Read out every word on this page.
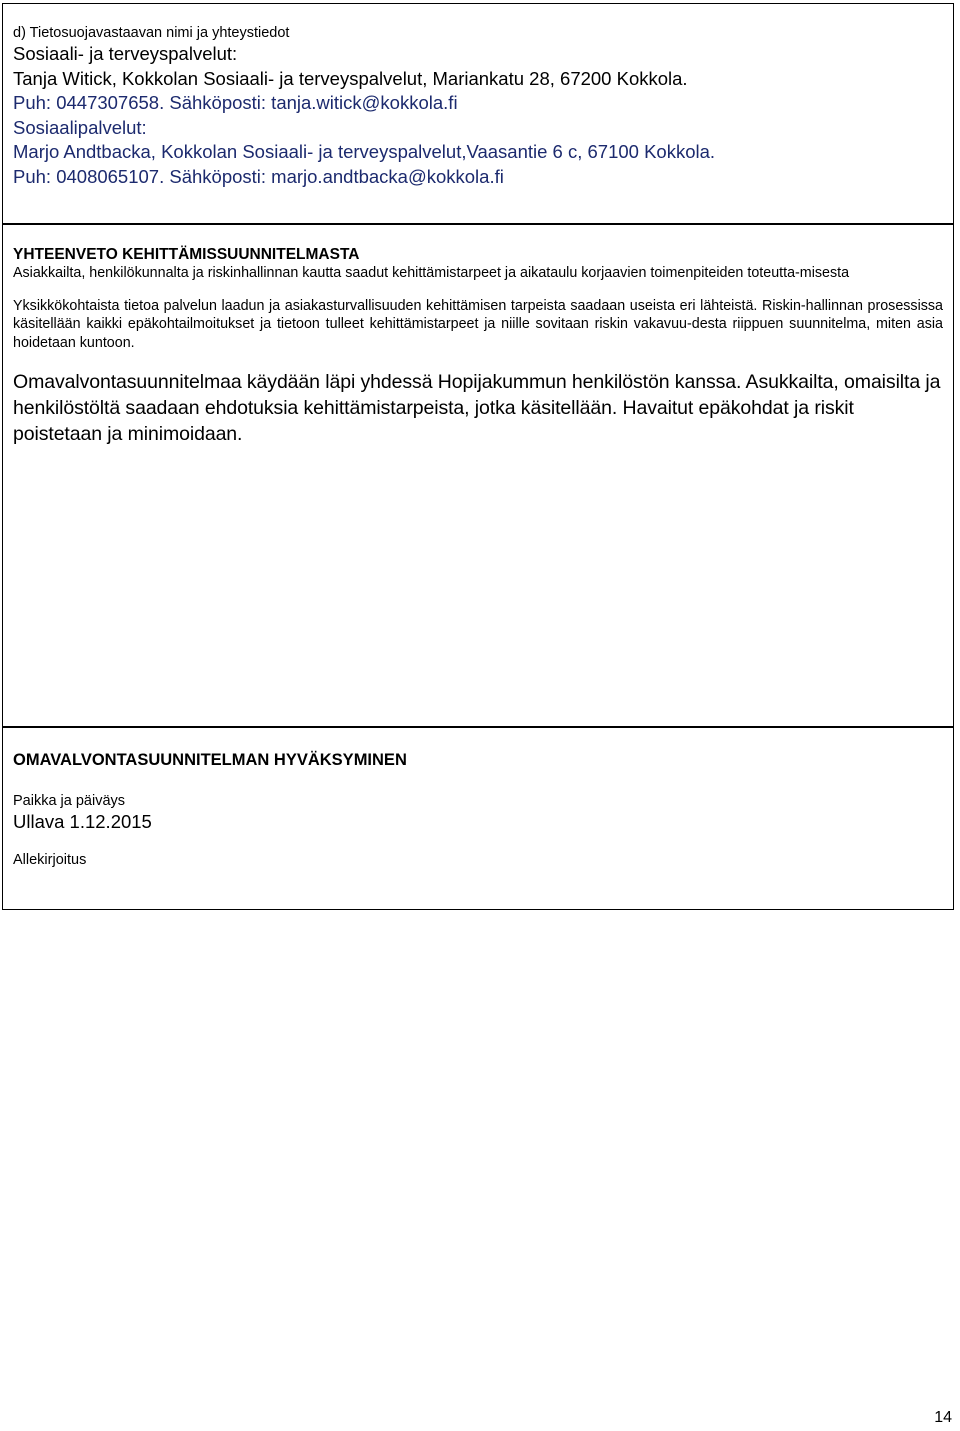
d) Tietosuojavastaavan nimi ja yhteystiedot

Sosiaali- ja terveyspalvelut:

Tanja Witick, Kokkolan Sosiaali- ja terveyspalvelut, Mariankatu 28, 67200 Kokkola.

Puh: 0447307658. Sähköposti: tanja.witick@kokkola.fi

Sosiaalipalvelut:

Marjo Andtbacka, Kokkolan Sosiaali- ja terveyspalvelut,Vaasantie 6 c, 67100 Kokkola.

Puh: 0408065107. Sähköposti: marjo.andtbacka@kokkola.fi

YHTEENVETO KEHITTÄMISSUUNNITELMASTA

Asiakkailta, henkilökunnalta ja riskinhallinnan kautta saadut kehittämistarpeet ja aikataulu korjaavien toimenpiteiden toteutta-misesta

Yksikkökohtaista tietoa palvelun laadun ja asiakasturvallisuuden kehittämisen tarpeista saadaan useista eri lähteistä. Riskin-hallinnan prosessissa käsitellään kaikki epäkohtailmoitukset ja tietoon tulleet kehittämistarpeet ja niille sovitaan riskin vakavuu-desta riippuen suunnitelma, miten asia hoidetaan kuntoon.

Omavalvontasuunnitelmaa käydään läpi yhdessä Hopijakummun henkilöstön kanssa. Asukkailta, omaisilta ja henkilöstöltä saadaan ehdotuksia kehittämistarpeista, jotka käsitellään. Havaitut epäkohdat ja riskit poistetaan ja minimoidaan.

OMAVALVONTASUUNNITELMAN HYVÄKSYMINEN

Paikka ja päiväys

Ullava 1.12.2015

Allekirjoitus

14
